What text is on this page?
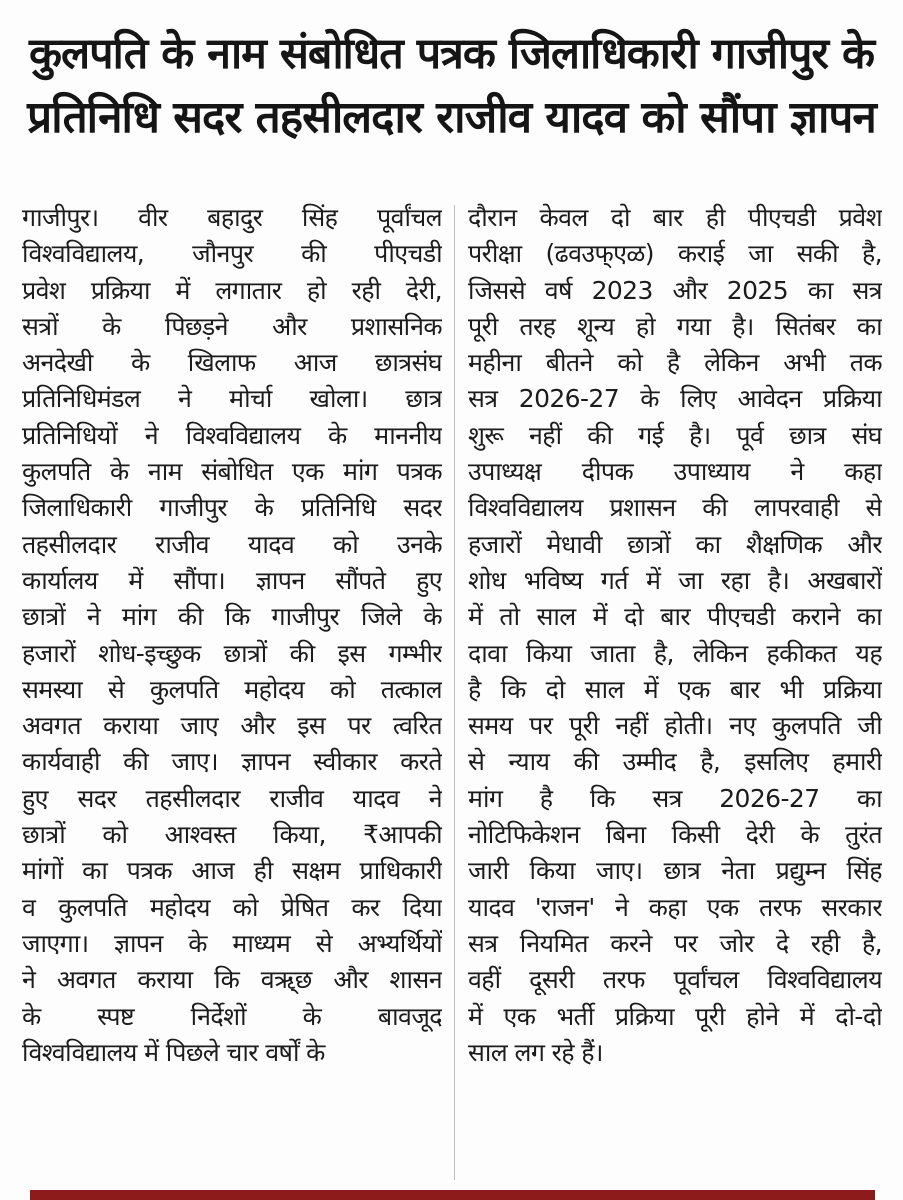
कुलपति के नाम संबोधित पत्रक जिलाधिकारी गाजीपुर के
प्रतिनिधि सदर तहसीलदार राजीव यादव को सौंपा ज्ञापन
गाजीपुर। वीर बहादुर सिंह पूर्वांचल
विश्वविद्यालय, जौनपुर की पीएचडी
प्रवेश प्रक्रिया में लगातार हो रही देरी,
सत्रों के पिछड़ने और प्रशासनिक
अनदेखी के खिलाफ आज छात्रसंघ
प्रतिनिधिमंडल ने मोर्चा खोला। छात्र
प्रतिनिधियों ने विश्वविद्यालय के माननीय
कुलपति के नाम संबोधित एक मांग पत्रक
जिलाधिकारी गाजीपुर के प्रतिनिधि सदर
तहसीलदार राजीव यादव को उनके
कार्यालय में सौंपा। ज्ञापन सौंपते हुए
छात्रों ने मांग की कि गाजीपुर जिले के
हजारों शोध-इच्छुक छात्रों की इस गम्भीर
समस्या से कुलपति महोदय को तत्काल
अवगत कराया जाए और इस पर त्वरित
कार्यवाही की जाए। ज्ञापन स्वीकार करते
हुए सदर तहसीलदार राजीव यादव ने
छात्रों को आश्वस्त किया, ₹आपकी
मांगों का पत्रक आज ही सक्षम प्राधिकारी
व कुलपति महोदय को प्रेषित कर दिया
जाएगा। ज्ञापन के माध्यम से अभ्यर्थियों
ने अवगत कराया कि वऋ्छ और शासन
के स्पष्ट निर्देशों के बावजूद
विश्वविद्यालय में पिछले चार वर्षों के
दौरान केवल दो बार ही पीएचडी प्रवेश
परीक्षा (ढवउफ्एळ) कराई जा सकी है,
जिससे वर्ष 2023 और 2025 का सत्र
पूरी तरह शून्य हो गया है। सितंबर का
महीना बीतने को है लेकिन अभी तक
सत्र 2026-27 के लिए आवेदन प्रक्रिया
शुरू नहीं की गई है। पूर्व छात्र संघ
उपाध्यक्ष दीपक उपाध्याय ने कहा
विश्वविद्यालय प्रशासन की लापरवाही से
हजारों मेधावी छात्रों का शैक्षणिक और
शोध भविष्य गर्त में जा रहा है। अखबारों
में तो साल में दो बार पीएचडी कराने का
दावा किया जाता है, लेकिन हकीकत यह
है कि दो साल में एक बार भी प्रक्रिया
समय पर पूरी नहीं होती। नए कुलपति जी
से न्याय की उम्मीद है, इसलिए हमारी
मांग है कि सत्र 2026-27 का
नोटिफिकेशन बिना किसी देरी के तुरंत
जारी किया जाए। छात्र नेता प्रद्युम्न सिंह
यादव 'राजन' ने कहा एक तरफ सरकार
सत्र नियमित करने पर जोर दे रही है,
वहीं दूसरी तरफ पूर्वांचल विश्वविद्यालय
में एक भर्ती प्रक्रिया पूरी होने में दो-दो
साल लग रहे हैं।
